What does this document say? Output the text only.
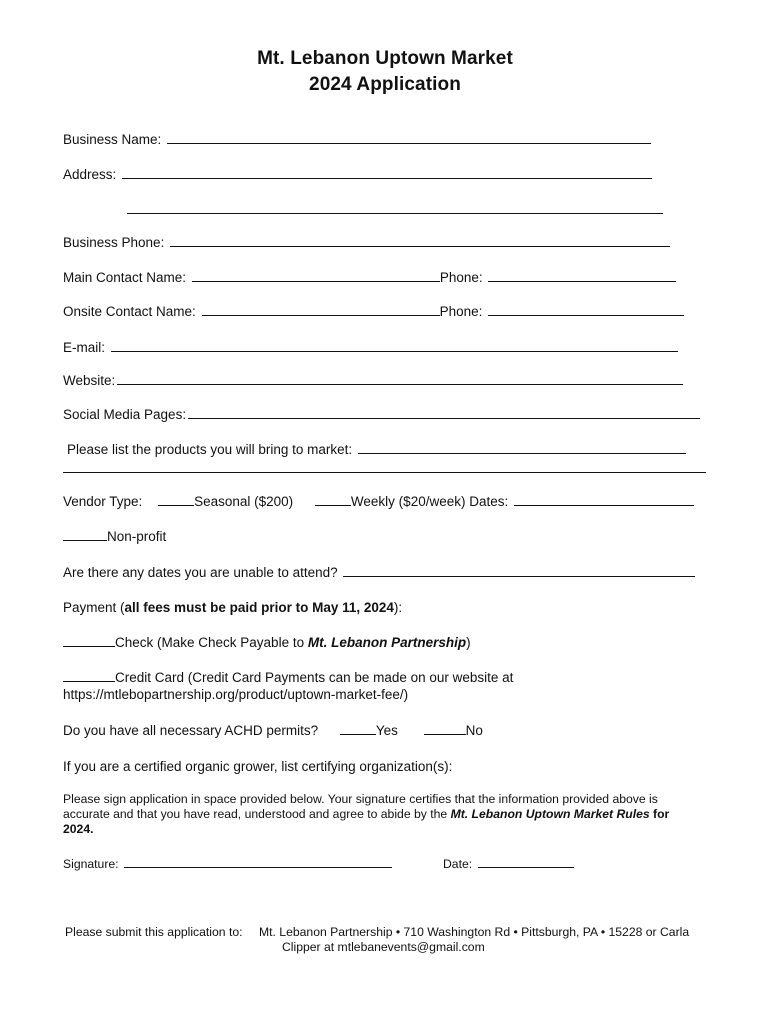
Mt. Lebanon Uptown Market
2024 Application
Business Name:
Address:
Business Phone:
Main Contact Name:	Phone:
Onsite Contact Name:	Phone:
E-mail:
Website:
Social Media Pages:
Please list the products you will bring to market:
Vendor Type:	Seasonal ($200)	Weekly ($20/week) Dates:
Non-profit
Are there any dates you are unable to attend?
Payment (all fees must be paid prior to May 11, 2024):
Check (Make Check Payable to Mt. Lebanon Partnership)
Credit Card (Credit Card Payments can be made on our website at
https://mtlebopartnership.org/product/uptown-market-fee/)
Do you have all necessary ACHD permits?	Yes	No
If you are a certified organic grower, list certifying organization(s):
Please sign application in space provided below. Your signature certifies that the information provided above is
accurate and that you have read, understood and agree to abide by the Mt. Lebanon Uptown Market Rules for
2024.
Signature:	Date:
Please submit this application to: Mt. Lebanon Partnership • 710 Washington Rd • Pittsburgh, PA • 15228 or Carla
Clipper at mtlebanevents@gmail.com
